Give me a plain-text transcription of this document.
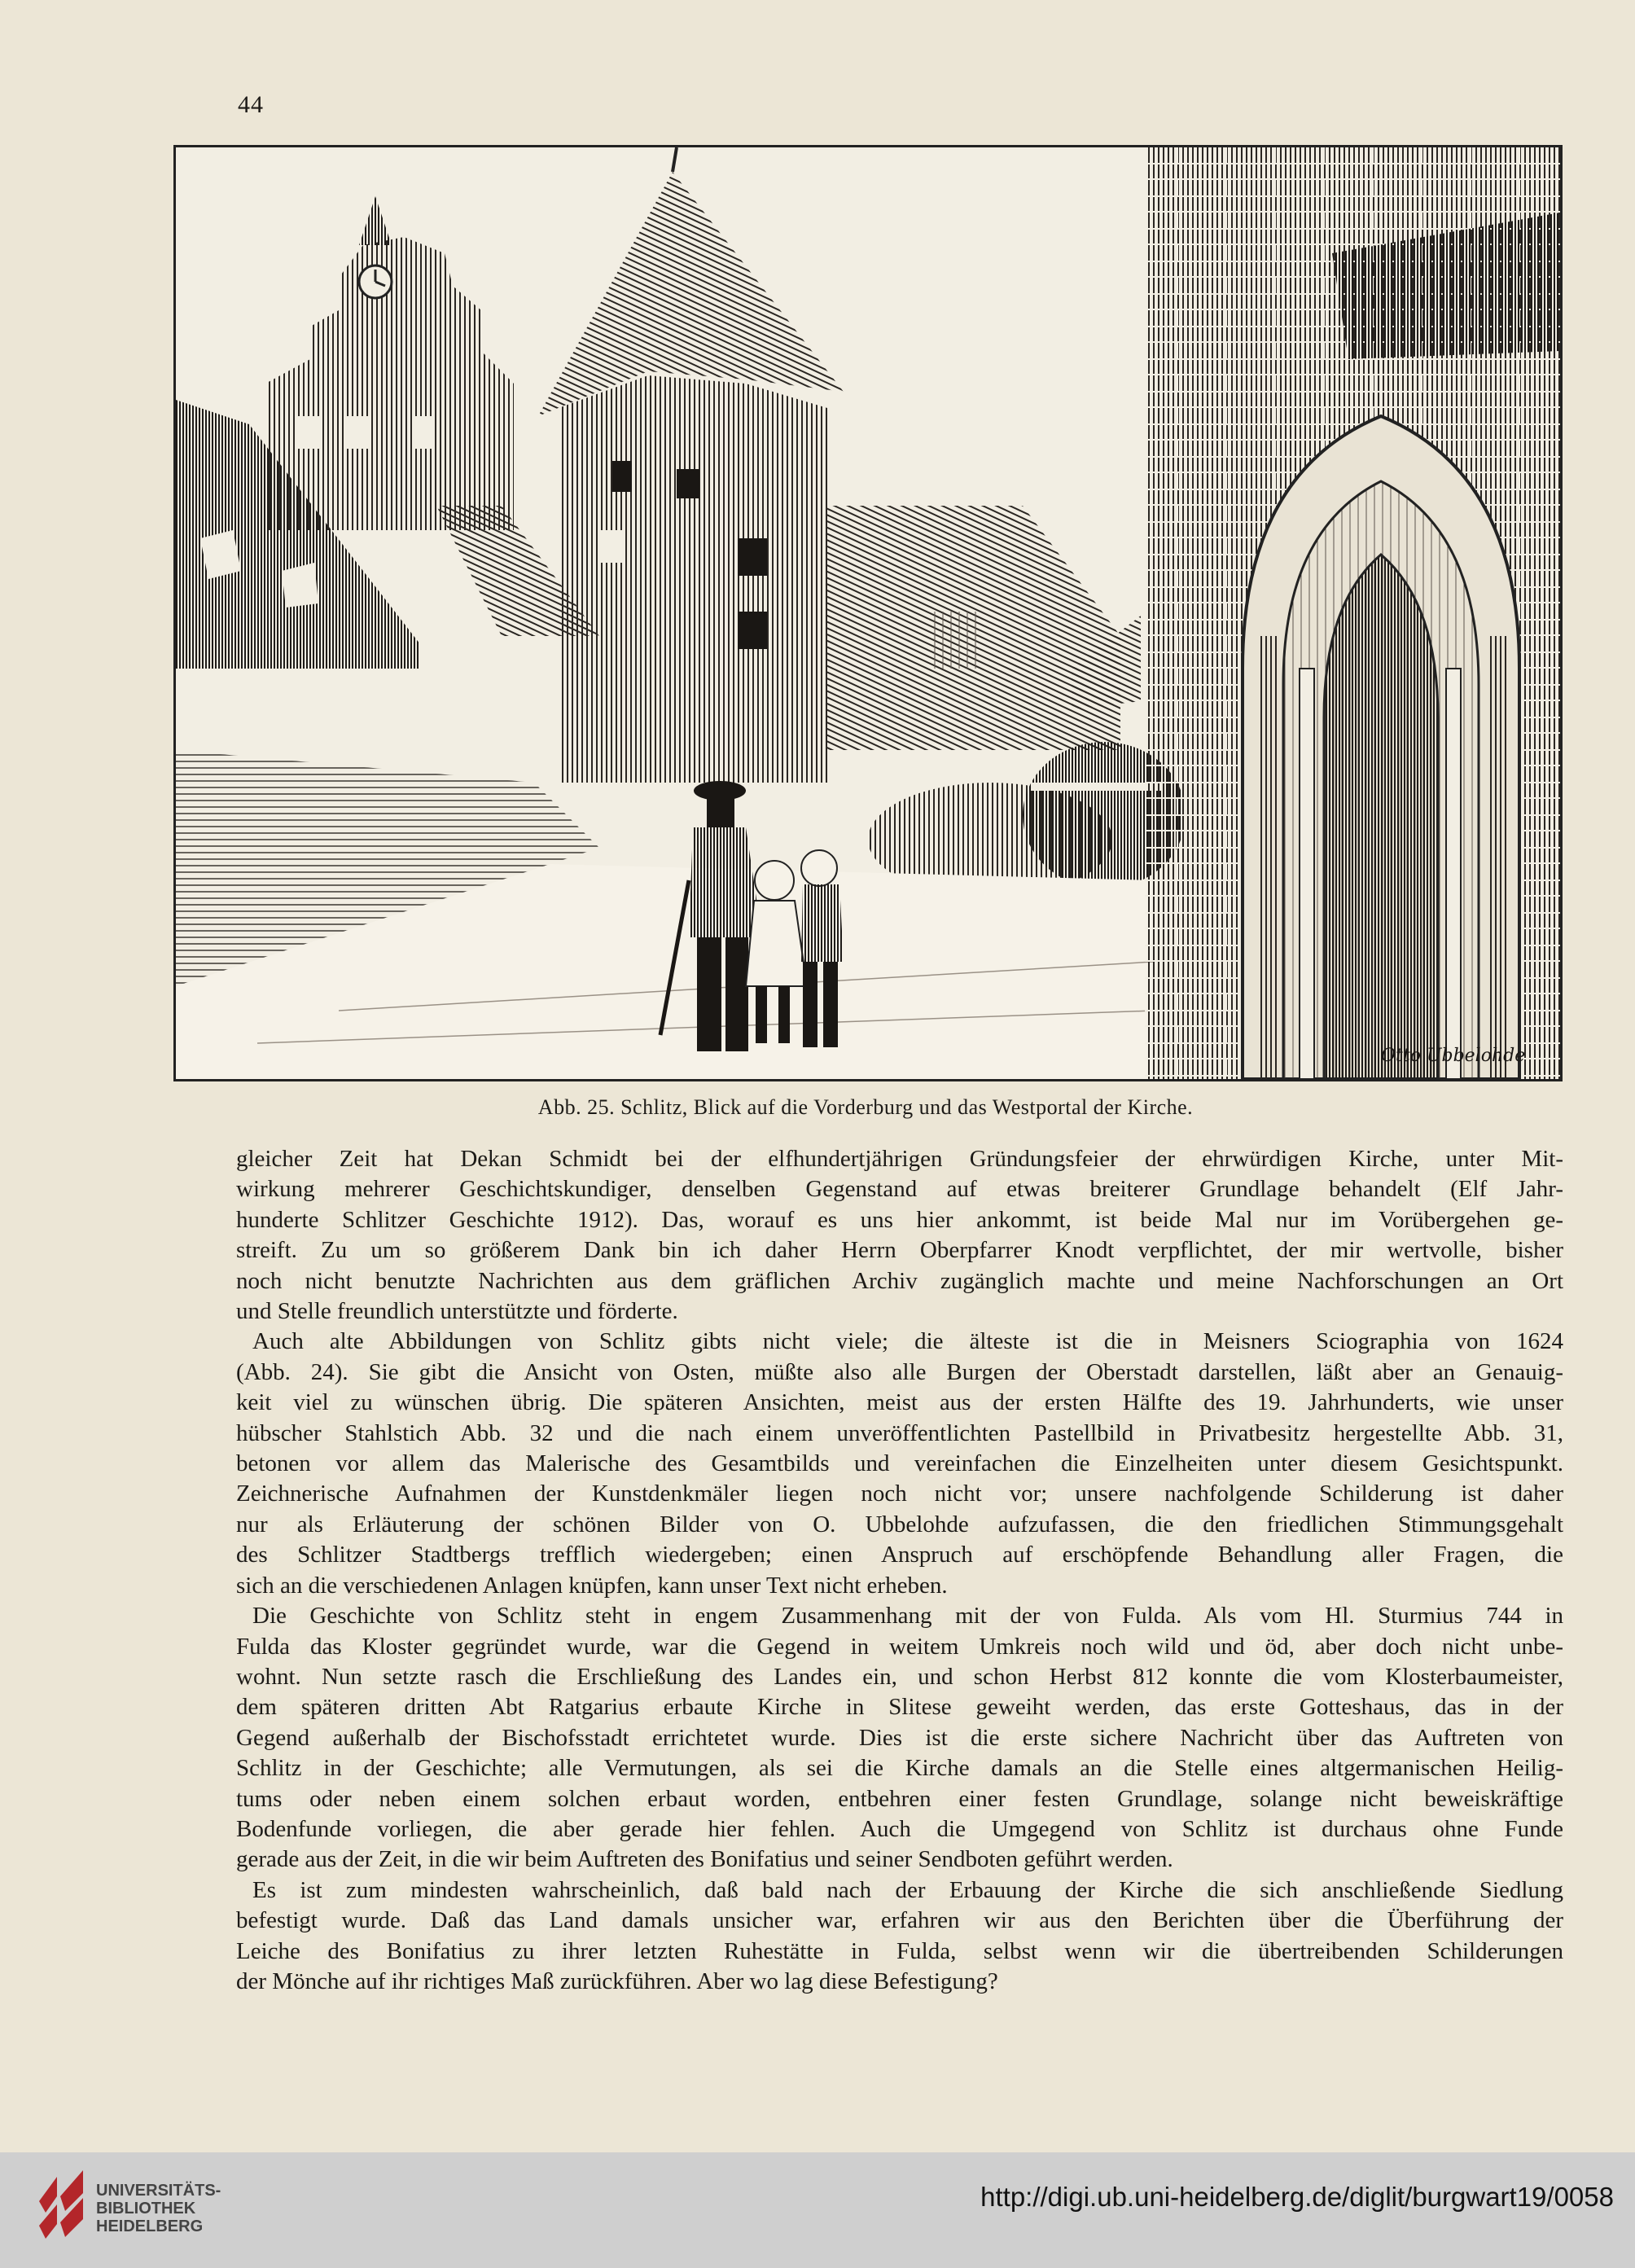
44
Otto Ubbelohde
Abb. 25. Schlitz, Blick auf die Vorderburg und das Westportal der Kirche.
gleicher Zeit hat Dekan Schmidt bei der elfhundertjährigen Gründungsfeier der ehrwürdigen Kirche, unter Mit-
wirkung mehrerer Geschichtskundiger, denselben Gegenstand auf etwas breiterer Grundlage behandelt (Elf Jahr-
hunderte Schlitzer Geschichte 1912). Das, worauf es uns hier ankommt, ist beide Mal nur im Vorübergehen ge-
streift. Zu um so größerem Dank bin ich daher Herrn Oberpfarrer Knodt verpflichtet, der mir wertvolle, bisher
noch nicht benutzte Nachrichten aus dem gräflichen Archiv zugänglich machte und meine Nachforschungen an Ort
und Stelle freundlich unterstützte und förderte.
Auch alte Abbildungen von Schlitz gibts nicht viele; die älteste ist die in Meisners Sciographia von 1624
(Abb. 24). Sie gibt die Ansicht von Osten, müßte also alle Burgen der Oberstadt darstellen, läßt aber an Genauig-
keit viel zu wünschen übrig. Die späteren Ansichten, meist aus der ersten Hälfte des 19. Jahrhunderts, wie unser
hübscher Stahlstich Abb. 32 und die nach einem unveröffentlichten Pastellbild in Privatbesitz hergestellte Abb. 31,
betonen vor allem das Malerische des Gesamtbilds und vereinfachen die Einzelheiten unter diesem Gesichtspunkt.
Zeichnerische Aufnahmen der Kunstdenkmäler liegen noch nicht vor; unsere nachfolgende Schilderung ist daher
nur als Erläuterung der schönen Bilder von O. Ubbelohde aufzufassen, die den friedlichen Stimmungsgehalt
des Schlitzer Stadtbergs trefflich wiedergeben; einen Anspruch auf erschöpfende Behandlung aller Fragen, die
sich an die verschiedenen Anlagen knüpfen, kann unser Text nicht erheben.
Die Geschichte von Schlitz steht in engem Zusammenhang mit der von Fulda. Als vom Hl. Sturmius 744 in
Fulda das Kloster gegründet wurde, war die Gegend in weitem Umkreis noch wild und öd, aber doch nicht unbe-
wohnt. Nun setzte rasch die Erschließung des Landes ein, und schon Herbst 812 konnte die vom Klosterbaumeister,
dem späteren dritten Abt Ratgarius erbaute Kirche in Slitese geweiht werden, das erste Gotteshaus, das in der
Gegend außerhalb der Bischofsstadt errichtetet wurde. Dies ist die erste sichere Nachricht über das Auftreten von
Schlitz in der Geschichte; alle Vermutungen, als sei die Kirche damals an die Stelle eines altgermanischen Heilig-
tums oder neben einem solchen erbaut worden, entbehren einer festen Grundlage, solange nicht beweiskräftige
Bodenfunde vorliegen, die aber gerade hier fehlen. Auch die Umgegend von Schlitz ist durchaus ohne Funde
gerade aus der Zeit, in die wir beim Auftreten des Bonifatius und seiner Sendboten geführt werden.
Es ist zum mindesten wahrscheinlich, daß bald nach der Erbauung der Kirche die sich anschließende Siedlung
befestigt wurde. Daß das Land damals unsicher war, erfahren wir aus den Berichten über die Überführung der
Leiche des Bonifatius zu ihrer letzten Ruhestätte in Fulda, selbst wenn wir die übertreibenden Schilderungen
der Mönche auf ihr richtiges Maß zurückführen. Aber wo lag diese Befestigung?
UNIVERSITÄTS-
BIBLIOTHEK
HEIDELBERG
http://digi.ub.uni-heidelberg.de/diglit/burgwart19/0058
